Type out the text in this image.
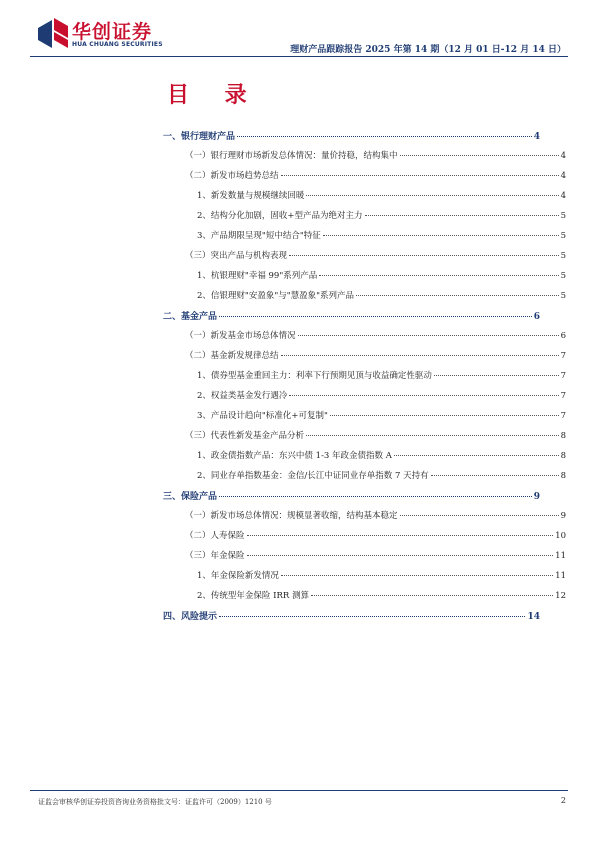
华创证券
HUA CHUANG SECURITIES
理财产品跟踪报告 2025 年第 14 期（12 月 01 日-12 月 14 日）
目 录
一、银行理财产品	4
（一）银行理财市场新发总体情况：量价持稳，结构集中	4
（二）新发市场趋势总结	4
1、新发数量与规模继续回暖	4
2、结构分化加剧，固收+型产品为绝对主力	5
3、产品期限呈现"短中结合"特征	5
（三）突出产品与机构表现	5
1、杭银理财"幸福 99"系列产品	5
2、信银理财"安盈象"与"慧盈象"系列产品	5
二、基金产品	6
（一）新发基金市场总体情况	6
（二）基金新发规律总结	7
1、债券型基金重回主力：利率下行预期见顶与收益确定性驱动	7
2、权益类基金发行遇冷	7
3、产品设计趋向"标准化+可复制"	7
（三）代表性新发基金产品分析	8
1、政金债指数产品：东兴中债 1-3 年政金债指数 A	8
2、同业存单指数基金：金信/长江中证同业存单指数 7 天持有	8
三、保险产品	9
（一）新发市场总体情况：规模显著收缩，结构基本稳定	9
（二）人寿保险	10
（三）年金保险	11
1、年金保险新发情况	11
2、传统型年金保险 IRR 测算	12
四、风险提示	14
证监会审核华创证券投资咨询业务资格批文号：证监许可（2009）1210 号	2
